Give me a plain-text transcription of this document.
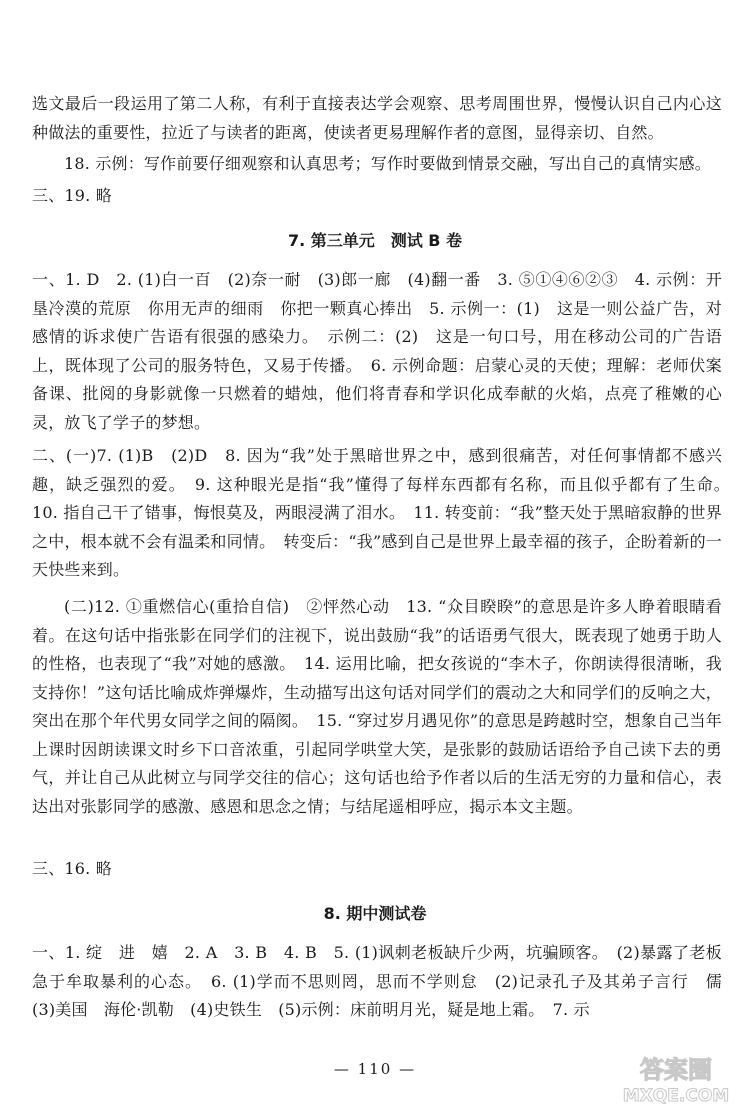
选文最后一段运用了第二人称，有利于直接表达学会观察、思考周围世界，慢慢认识自己内心这种做法的重要性，拉近了与读者的距离，使读者更易理解作者的意图，显得亲切、自然。

18. 示例：写作前要仔细观察和认真思考；写作时要做到情景交融，写出自己的真情实感。

三、19. 略

7. 第三单元　测试 B 卷

一、1. D　2. (1)白一百　(2)奈一耐　(3)郎一廊　(4)翻一番　3. ⑤①④⑥②③　4. 示例：开垦冷漠的荒原　你用无声的细雨　你把一颗真心捧出　5. 示例一：(1)　这是一则公益广告，对感情的诉求使广告语有很强的感染力。　示例二：(2)　这是一句口号，用在移动公司的广告语上，既体现了公司的服务特色，又易于传播。　6. 示例命题：启蒙心灵的天使；理解：老师伏案备课、批阅的身影就像一只燃着的蜡烛，他们将青春和学识化成奉献的火焰，点亮了稚嫩的心灵，放飞了学子的梦想。

二、(一)7. (1)B　(2)D　8. 因为“我”处于黑暗世界之中，感到很痛苦，对任何事情都不感兴趣，缺乏强烈的爱。　9. 这种眼光是指“我”懂得了每样东西都有名称，而且似乎都有了生命。　10. 指自己干了错事，悔恨莫及，两眼浸满了泪水。　11. 转变前：“我”整天处于黑暗寂静的世界之中，根本就不会有温柔和同情。　转变后：“我”感到自己是世界上最幸福的孩子，企盼着新的一天快些来到。

(二)12. ①重燃信心(重拾自信)　②怦然心动　13. “众目睽睽”的意思是许多人睁着眼睛看着。在这句话中指张影在同学们的注视下，说出鼓励“我”的话语勇气很大，既表现了她勇于助人的性格，也表现了“我”对她的感激。　14. 运用比喻，把女孩说的“李木子，你朗读得很清晰，我支持你！”这句话比喻成炸弹爆炸，生动描写出这句话对同学们的震动之大和同学们的反响之大，突出在那个年代男女同学之间的隔阂。　15. “穿过岁月遇见你”的意思是跨越时空，想象自己当年上课时因朗读课文时乡下口音浓重，引起同学哄堂大笑，是张影的鼓励话语给予自己读下去的勇气，并让自己从此树立与同学交往的信心；这句话也给予作者以后的生活无穷的力量和信心，表达出对张影同学的感激、感恩和思念之情；与结尾遥相呼应，揭示本文主题。

三、16. 略

8. 期中测试卷

一、1. 绽　进　嬉　2. A　3. B　4. B　5. (1)讽刺老板缺斤少两，坑骗顾客。　(2)暴露了老板急于牟取暴利的心态。　6. (1)学而不思则罔，思而不学则怠　(2)记录孔子及其弟子言行　儒　(3)美国　海伦·凯勒　(4)史铁生　(5)示例：床前明月光，疑是地上霜。　7. 示

— 110 —	答案圈
MXQE.COM
